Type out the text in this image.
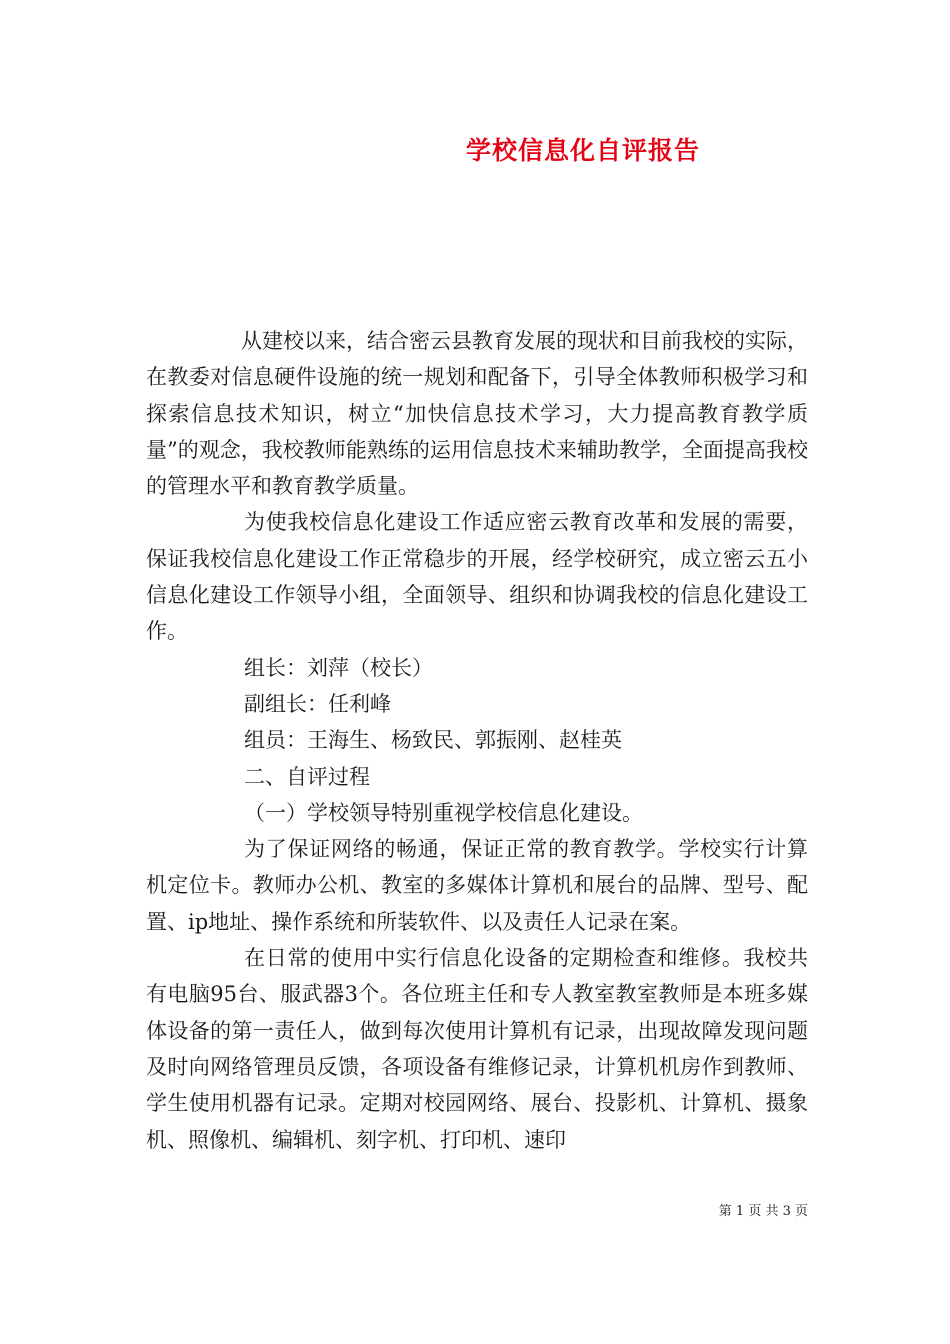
学校信息化自评报告

从建校以来，结合密云县教育发展的现状和目前我校的实际，在教委对信息硬件设施的统一规划和配备下，引导全体教师积极学习和探索信息技术知识，树立“加快信息技术学习，大力提高教育教学质量”的观念，我校教师能熟练的运用信息技术来辅助教学，全面提高我校的管理水平和教育教学质量。

为使我校信息化建设工作适应密云教育改革和发展的需要，保证我校信息化建设工作正常稳步的开展，经学校研究，成立密云五小信息化建设工作领导小组，全面领导、组织和协调我校的信息化建设工作。

组长：刘萍（校长）

副组长：任利峰

组员：王海生、杨致民、郭振刚、赵桂英

二、自评过程

（一）学校领导特别重视学校信息化建设。

为了保证网络的畅通，保证正常的教育教学。学校实行计算机定位卡。教师办公机、教室的多媒体计算机和展台的品牌、型号、配置、ip地址、操作系统和所装软件、以及责任人记录在案。

在日常的使用中实行信息化设备的定期检查和维修。我校共有电脑95台、服武器3个。各位班主任和专人教室教室教师是本班多媒体设备的第一责任人，做到每次使用计算机有记录，出现故障发现问题及时向网络管理员反馈，各项设备有维修记录，计算机机房作到教师、学生使用机器有记录。定期对校园网络、展台、投影机、计算机、摄象机、照像机、编辑机、刻字机、打印机、速印

第 1 页 共 3 页
